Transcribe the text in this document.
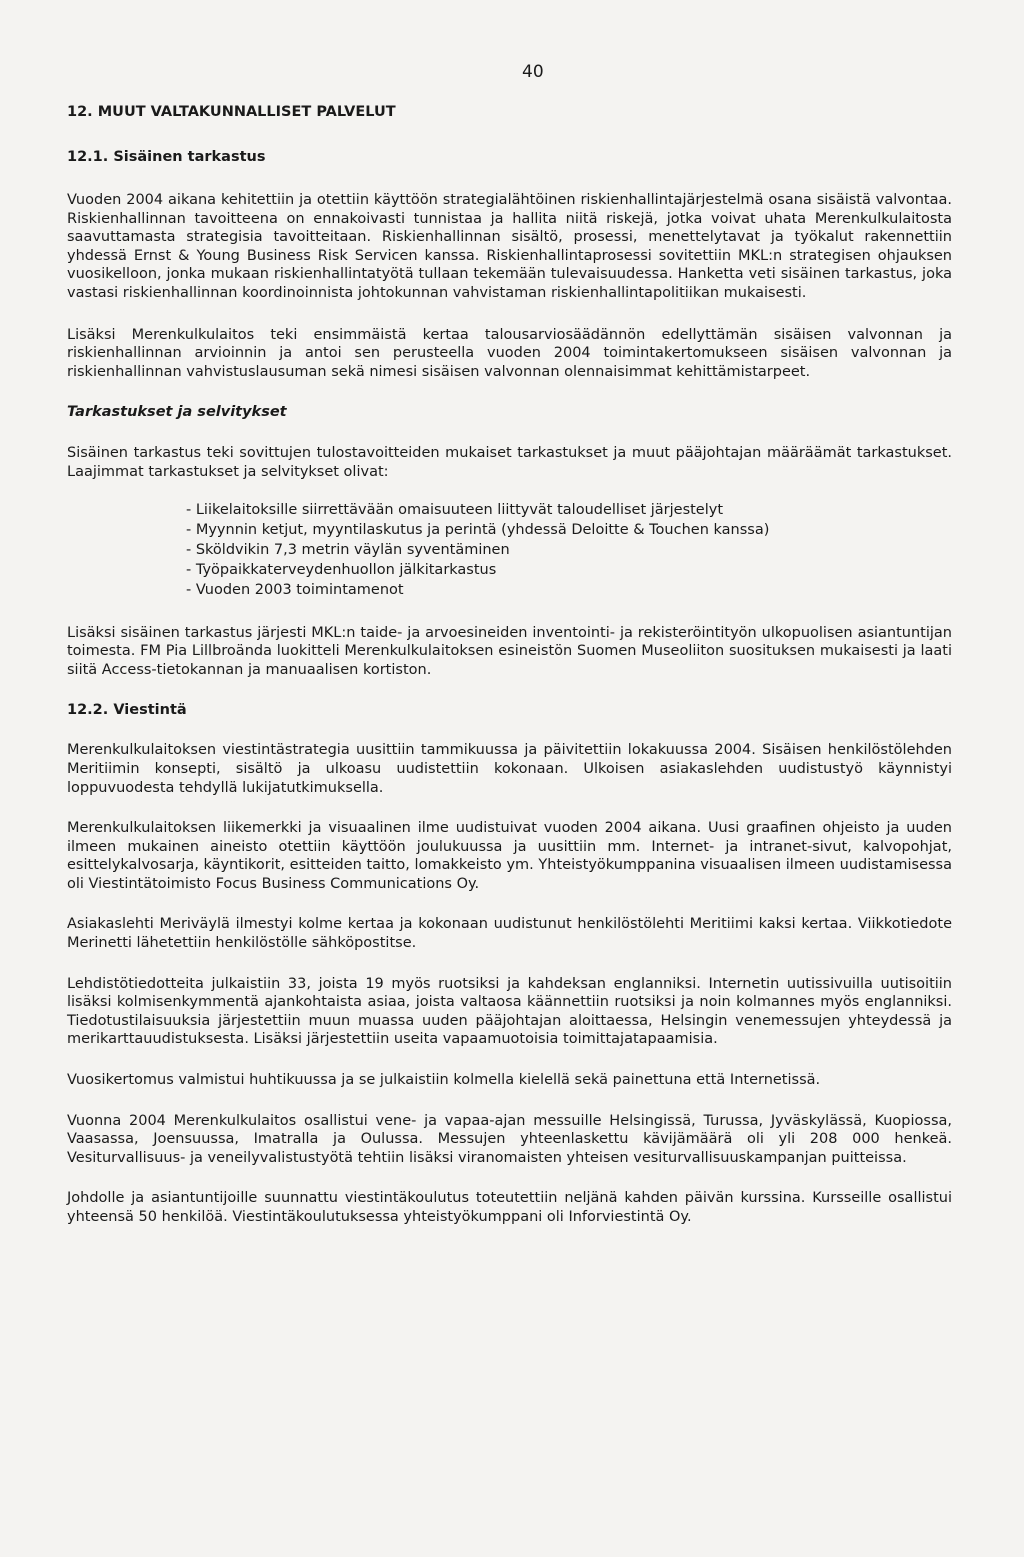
40
12. MUUT VALTAKUNNALLISET PALVELUT
12.1. Sisäinen tarkastus

Vuoden 2004 aikana kehitettiin ja otettiin käyttöön strategialähtöinen riskienhallintajärjestelmä osana sisäistä valvontaa. Riskienhallinnan tavoitteena on ennakoivasti tunnistaa ja hallita niitä riskejä, jotka voivat uhata Merenkulkulaitosta saavuttamasta strategisia tavoitteitaan. Riskienhallinnan sisältö, prosessi, menettelytavat ja työkalut rakennettiin yhdessä Ernst & Young Business Risk Servicen kanssa. Riskienhallintaprosessi sovitettiin MKL:n strategisen ohjauksen vuosikelloon, jonka mukaan riskienhallintatyötä tullaan tekemään tulevaisuudessa. Hanketta veti sisäinen tarkastus, joka vastasi riskienhallinnan koordinoinnista johtokunnan vahvistaman riskienhallintapolitiikan mukaisesti.

Lisäksi Merenkulkulaitos teki ensimmäistä kertaa talousarviosäädännön edellyttämän sisäisen valvonnan ja riskienhallinnan arvioinnin ja antoi sen perusteella vuoden 2004 toimintakertomukseen sisäisen valvonnan ja riskienhallinnan vahvistuslausuman sekä nimesi sisäisen valvonnan olennaisimmat kehittämistarpeet.

Tarkastukset ja selvitykset

Sisäinen tarkastus teki sovittujen tulostavoitteiden mukaiset tarkastukset ja muut pääjohtajan määräämät tarkastukset. Laajimmat tarkastukset ja selvitykset olivat:

- Liikelaitoksille siirrettävään omaisuuteen liittyvät taloudelliset järjestelyt
- Myynnin ketjut, myyntilaskutus ja perintä (yhdessä Deloitte & Touchen kanssa)
- Sköldvikin 7,3 metrin väylän syventäminen
- Työpaikkaterveydenhuollon jälkitarkastus
- Vuoden 2003 toimintamenot

Lisäksi sisäinen tarkastus järjesti MKL:n taide- ja arvoesineiden inventointi- ja rekisteröintityön ulkopuolisen asiantuntijan toimesta. FM Pia Lillbroända luokitteli Merenkulkulaitoksen esineistön Suomen Museoliiton suosituksen mukaisesti ja laati siitä Access-tietokannan ja manuaalisen kortiston.

12.2. Viestintä

Merenkulkulaitoksen viestintästrategia uusittiin tammikuussa ja päivitettiin lokakuussa 2004. Sisäisen henkilöstölehden Meritiimin konsepti, sisältö ja ulkoasu uudistettiin kokonaan. Ulkoisen asiakaslehden uudistustyö käynnistyi loppuvuodesta tehdyllä lukijatutkimuksella.

Merenkulkulaitoksen liikemerkki ja visuaalinen ilme uudistuivat vuoden 2004 aikana. Uusi graafinen ohjeisto ja uuden ilmeen mukainen aineisto otettiin käyttöön joulukuussa ja uusittiin mm. Internet- ja intranet-sivut, kalvopohjat, esittelykalvosarja, käyntikorit, esitteiden taitto, lomakkeisto ym. Yhteistyökumppanina visuaalisen ilmeen uudistamisessa oli Viestintätoimisto Focus Business Communications Oy.

Asiakaslehti Meriväylä ilmestyi kolme kertaa ja kokonaan uudistunut henkilöstölehti Meritiimi kaksi kertaa. Viikkotiedote Merinetti lähetettiin henkilöstölle sähköpostitse.

Lehdistötiedotteita julkaistiin 33, joista 19 myös ruotsiksi ja kahdeksan englanniksi. Internetin uutissivuilla uutisoitiin lisäksi kolmisenkymmentä ajankohtaista asiaa, joista valtaosa käännettiin ruotsiksi ja noin kolmannes myös englanniksi. Tiedotustilaisuuksia järjestettiin muun muassa uuden pääjohtajan aloittaessa, Helsingin venemessujen yhteydessä ja merikarttauudistuksesta. Lisäksi järjestettiin useita vapaamuotoisia toimittajatapaamisia.

Vuosikertomus valmistui huhtikuussa ja se julkaistiin kolmella kielellä sekä painettuna että Internetissä.

Vuonna 2004 Merenkulkulaitos osallistui vene- ja vapaa-ajan messuille Helsingissä, Turussa, Jyväskylässä, Kuopiossa, Vaasassa, Joensuussa, Imatralla ja Oulussa. Messujen yhteenlaskettu kävijämäärä oli yli 208 000 henkeä. Vesiturvallisuus- ja veneilyvalistustyötä tehtiin lisäksi viranomaisten yhteisen vesiturvallisuuskampanjan puitteissa.

Johdolle ja asiantuntijoille suunnattu viestintäkoulutus toteutettiin neljänä kahden päivän kurssina. Kursseille osallistui yhteensä 50 henkilöä. Viestintäkoulutuksessa yhteistyökumppani oli Inforviestintä Oy.
